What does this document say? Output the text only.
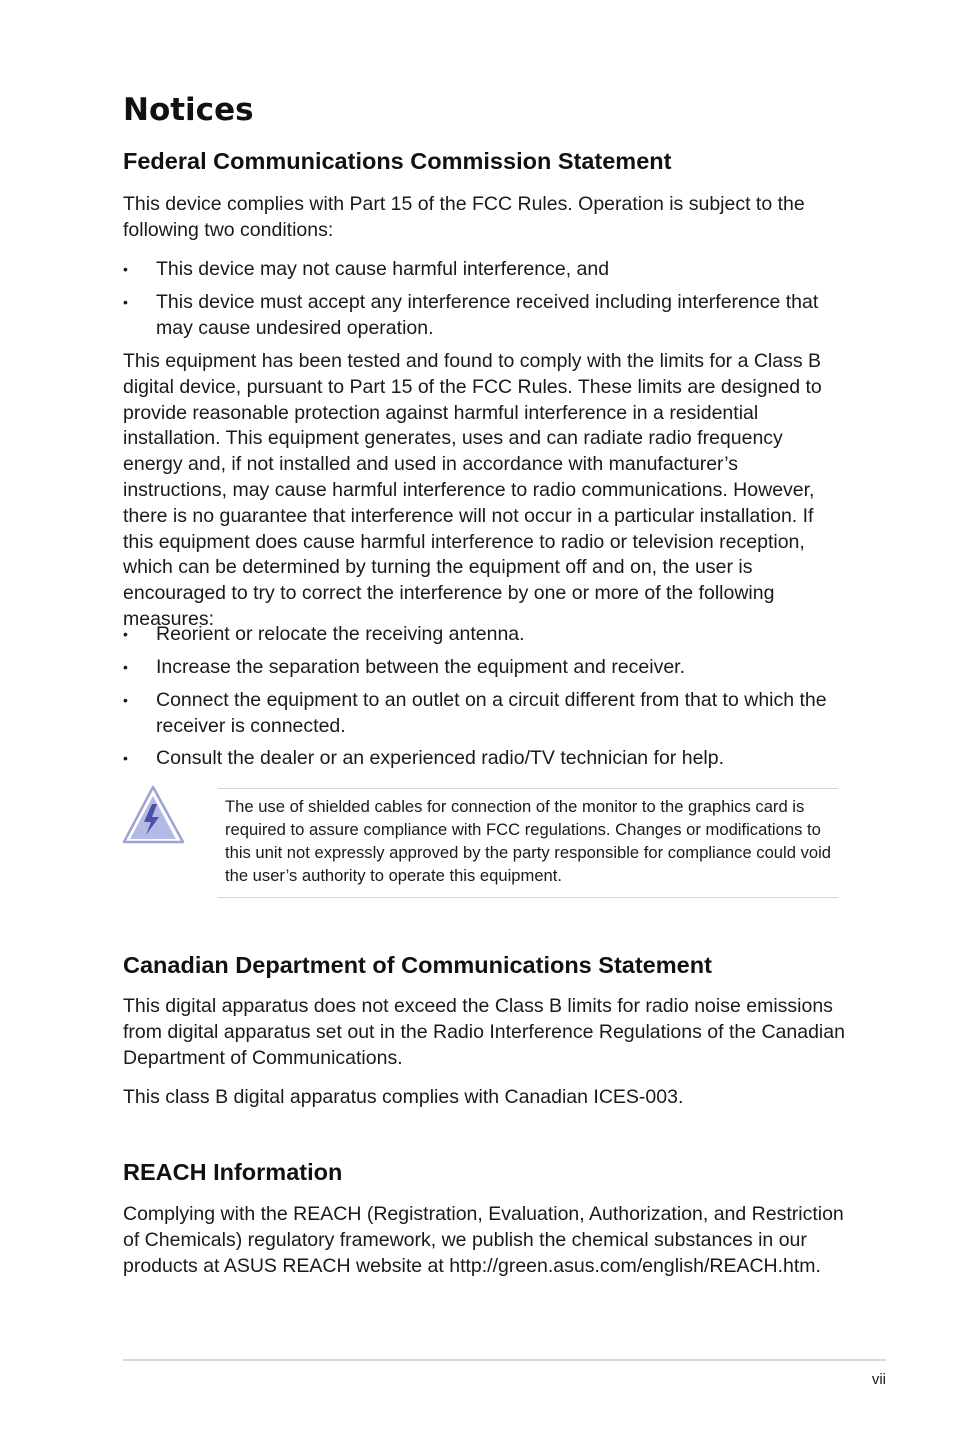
Notices
Federal Communications Commission Statement

This device complies with Part 15 of the FCC Rules. Operation is subject to the following two conditions:

•	This device may not cause harmful interference, and
•	This device must accept any interference received including interference that may cause undesired operation.

This equipment has been tested and found to comply with the limits for a Class B digital device, pursuant to Part 15 of the FCC Rules. These limits are designed to provide reasonable protection against harmful interference in a residential installation. This equipment generates, uses and can radiate radio frequency energy and, if not installed and used in accordance with manufacturer’s instructions, may cause harmful interference to radio communications. However, there is no guarantee that interference will not occur in a particular installation. If this equipment does cause harmful interference to radio or television reception, which can be determined by turning the equipment off and on, the user is encouraged to try to correct the interference by one or more of the following measures:

•	Reorient or relocate the receiving antenna.
•	Increase the separation between the equipment and receiver.
•	Connect the equipment to an outlet on a circuit different from that to which the receiver is connected.
•	Consult the dealer or an experienced radio/TV technician for help.

The use of shielded cables for connection of the monitor to the graphics card is required to assure compliance with FCC regulations. Changes or modifications to this unit not expressly approved by the party responsible for compliance could void the user’s authority to operate this equipment.

Canadian Department of Communications Statement

This digital apparatus does not exceed the Class B limits for radio noise emissions from digital apparatus set out in the Radio Interference Regulations of the Canadian Department of Communications.

This class B digital apparatus complies with Canadian ICES-003.

REACH Information

Complying with the REACH (Registration, Evaluation, Authorization, and Restriction of Chemicals) regulatory framework, we publish the chemical substances in our products at ASUS REACH website at http://green.asus.com/english/REACH.htm.

vii
